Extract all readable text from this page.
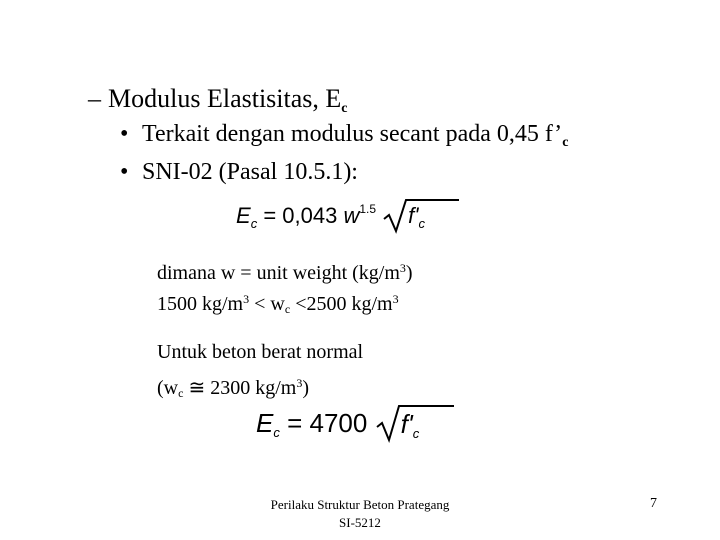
– Modulus Elastisitas, $E_c$
• Terkait dengan modulus secant pada 0,45 $f’_c$
• SNI-02 (Pasal 10.5.1):
$E_c = 0,043$ $w^{1.5}$ $f'_c$
dimana w = unit weight $(kg/m^3)$
1500 $kg/m^3 < w_c <2500$ $kg/m^3$
Untuk beton berat normal
($w_c$ ≅ 2300 $kg/m^3$)
$E_c = 4700$ $f'_c$
Perilaku Struktur Beton Prategang
SI-5212
7
